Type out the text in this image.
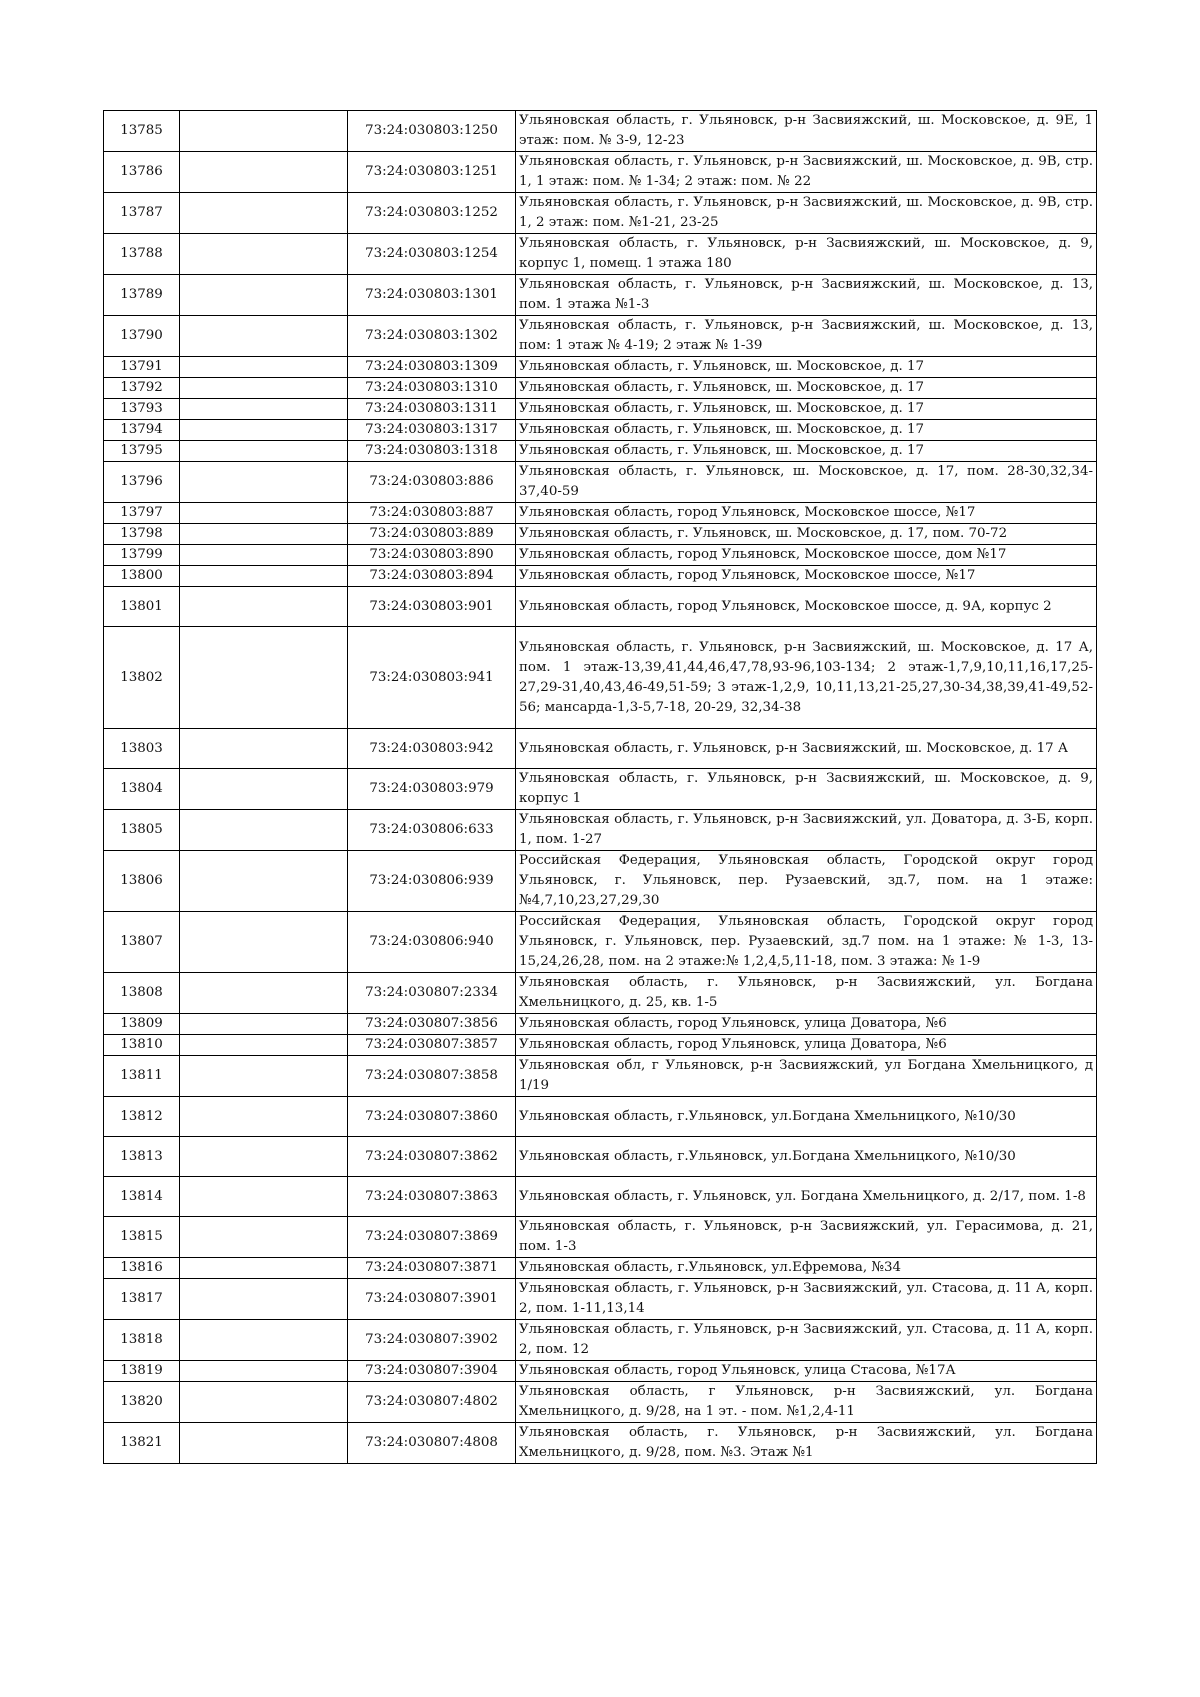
13785		73:24:030803:1250	Ульяновская область, г. Ульяновск, р-н Засвияжский, ш. Московское, д. 9Е, 1 этаж: пом. № 3-9, 12-23
13786		73:24:030803:1251	Ульяновская область, г. Ульяновск, р-н Засвияжский, ш. Московское, д. 9В, стр. 1, 1 этаж: пом. № 1-34; 2 этаж: пом. № 22
13787		73:24:030803:1252	Ульяновская область, г. Ульяновск, р-н Засвияжский, ш. Московское, д. 9В, стр. 1, 2 этаж: пом. №1-21, 23-25
13788		73:24:030803:1254	Ульяновская область, г. Ульяновск, р-н Засвияжский, ш. Московское, д. 9, корпус 1, помещ. 1 этажа 180
13789		73:24:030803:1301	Ульяновская область, г. Ульяновск, р-н Засвияжский, ш. Московское, д. 13, пом. 1 этажа №1-3
13790		73:24:030803:1302	Ульяновская область, г. Ульяновск, р-н Засвияжский, ш. Московское, д. 13, пом: 1 этаж № 4-19; 2 этаж № 1-39
13791		73:24:030803:1309	Ульяновская область, г. Ульяновск, ш. Московское, д. 17
13792		73:24:030803:1310	Ульяновская область, г. Ульяновск, ш. Московское, д. 17
13793		73:24:030803:1311	Ульяновская область, г. Ульяновск, ш. Московское, д. 17
13794		73:24:030803:1317	Ульяновская область, г. Ульяновск, ш. Московское, д. 17
13795		73:24:030803:1318	Ульяновская область, г. Ульяновск, ш. Московское, д. 17
13796		73:24:030803:886	Ульяновская область, г. Ульяновск, ш. Московское, д. 17, пом. 28-30,32,34-37,40-59
13797		73:24:030803:887	Ульяновская область, город Ульяновск, Московское шоссе, №17
13798		73:24:030803:889	Ульяновская область, г. Ульяновск, ш. Московское, д. 17, пом. 70-72
13799		73:24:030803:890	Ульяновская область, город Ульяновск, Московское шоссе, дом №17
13800		73:24:030803:894	Ульяновская область, город Ульяновск, Московское шоссе, №17
13801		73:24:030803:901	Ульяновская область, город Ульяновск, Московское шоссе, д. 9А, корпус 2
13802		73:24:030803:941	Ульяновская область, г. Ульяновск, р-н Засвияжский, ш. Московское, д. 17 А, пом. 1 этаж-13,39,41,44,46,47,78,93-96,103-134; 2 этаж-1,7,9,10,11,16,17,25-27,29-31,40,43,46-49,51-59; 3 этаж-1,2,9, 10,11,13,21-25,27,30-34,38,39,41-49,52-56; мансарда-1,3-5,7-18, 20-29, 32,34-38
13803		73:24:030803:942	Ульяновская область, г. Ульяновск, р-н Засвияжский, ш. Московское, д. 17 А
13804		73:24:030803:979	Ульяновская область, г. Ульяновск, р-н Засвияжский, ш. Московское, д. 9, корпус 1
13805		73:24:030806:633	Ульяновская область, г. Ульяновск, р-н Засвияжский, ул. Доватора, д. 3-Б, корп. 1, пом. 1-27
13806		73:24:030806:939	Российская Федерация, Ульяновская область, Городской округ город Ульяновск, г. Ульяновск, пер. Рузаевский, зд.7, пом. на 1 этаже: №4,7,10,23,27,29,30
13807		73:24:030806:940	Российская Федерация, Ульяновская область, Городской округ город Ульяновск, г. Ульяновск, пер. Рузаевский, зд.7 пом. на 1 этаже: № 1-3, 13-15,24,26,28, пом. на 2 этаже:№ 1,2,4,5,11-18, пом. 3 этажа: № 1-9
13808		73:24:030807:2334	Ульяновская область, г. Ульяновск, р-н Засвияжский, ул. Богдана Хмельницкого, д. 25, кв. 1-5
13809		73:24:030807:3856	Ульяновская область, город Ульяновск, улица Доватора, №6
13810		73:24:030807:3857	Ульяновская область, город Ульяновск, улица Доватора, №6
13811		73:24:030807:3858	Ульяновская обл, г Ульяновск, р-н Засвияжский, ул Богдана Хмельницкого, д 1/19
13812		73:24:030807:3860	Ульяновская область, г.Ульяновск, ул.Богдана Хмельницкого, №10/30
13813		73:24:030807:3862	Ульяновская область, г.Ульяновск, ул.Богдана Хмельницкого, №10/30
13814		73:24:030807:3863	Ульяновская область, г. Ульяновск, ул. Богдана Хмельницкого, д. 2/17, пом. 1-8
13815		73:24:030807:3869	Ульяновская область, г. Ульяновск, р-н Засвияжский, ул. Герасимова, д. 21, пом. 1-3
13816		73:24:030807:3871	Ульяновская область, г.Ульяновск, ул.Ефремова, №34
13817		73:24:030807:3901	Ульяновская область, г. Ульяновск, р-н Засвияжский, ул. Стасова, д. 11 А, корп. 2, пом. 1-11,13,14
13818		73:24:030807:3902	Ульяновская область, г. Ульяновск, р-н Засвияжский, ул. Стасова, д. 11 А, корп. 2, пом. 12
13819		73:24:030807:3904	Ульяновская область, город Ульяновск, улица Стасова, №17А
13820		73:24:030807:4802	Ульяновская область, г Ульяновск, р-н Засвияжский, ул. Богдана Хмельницкого, д. 9/28, на 1 эт. - пом. №1,2,4-11
13821		73:24:030807:4808	Ульяновская область, г. Ульяновск, р-н Засвияжский, ул. Богдана Хмельницкого, д. 9/28, пом. №3. Этаж №1
